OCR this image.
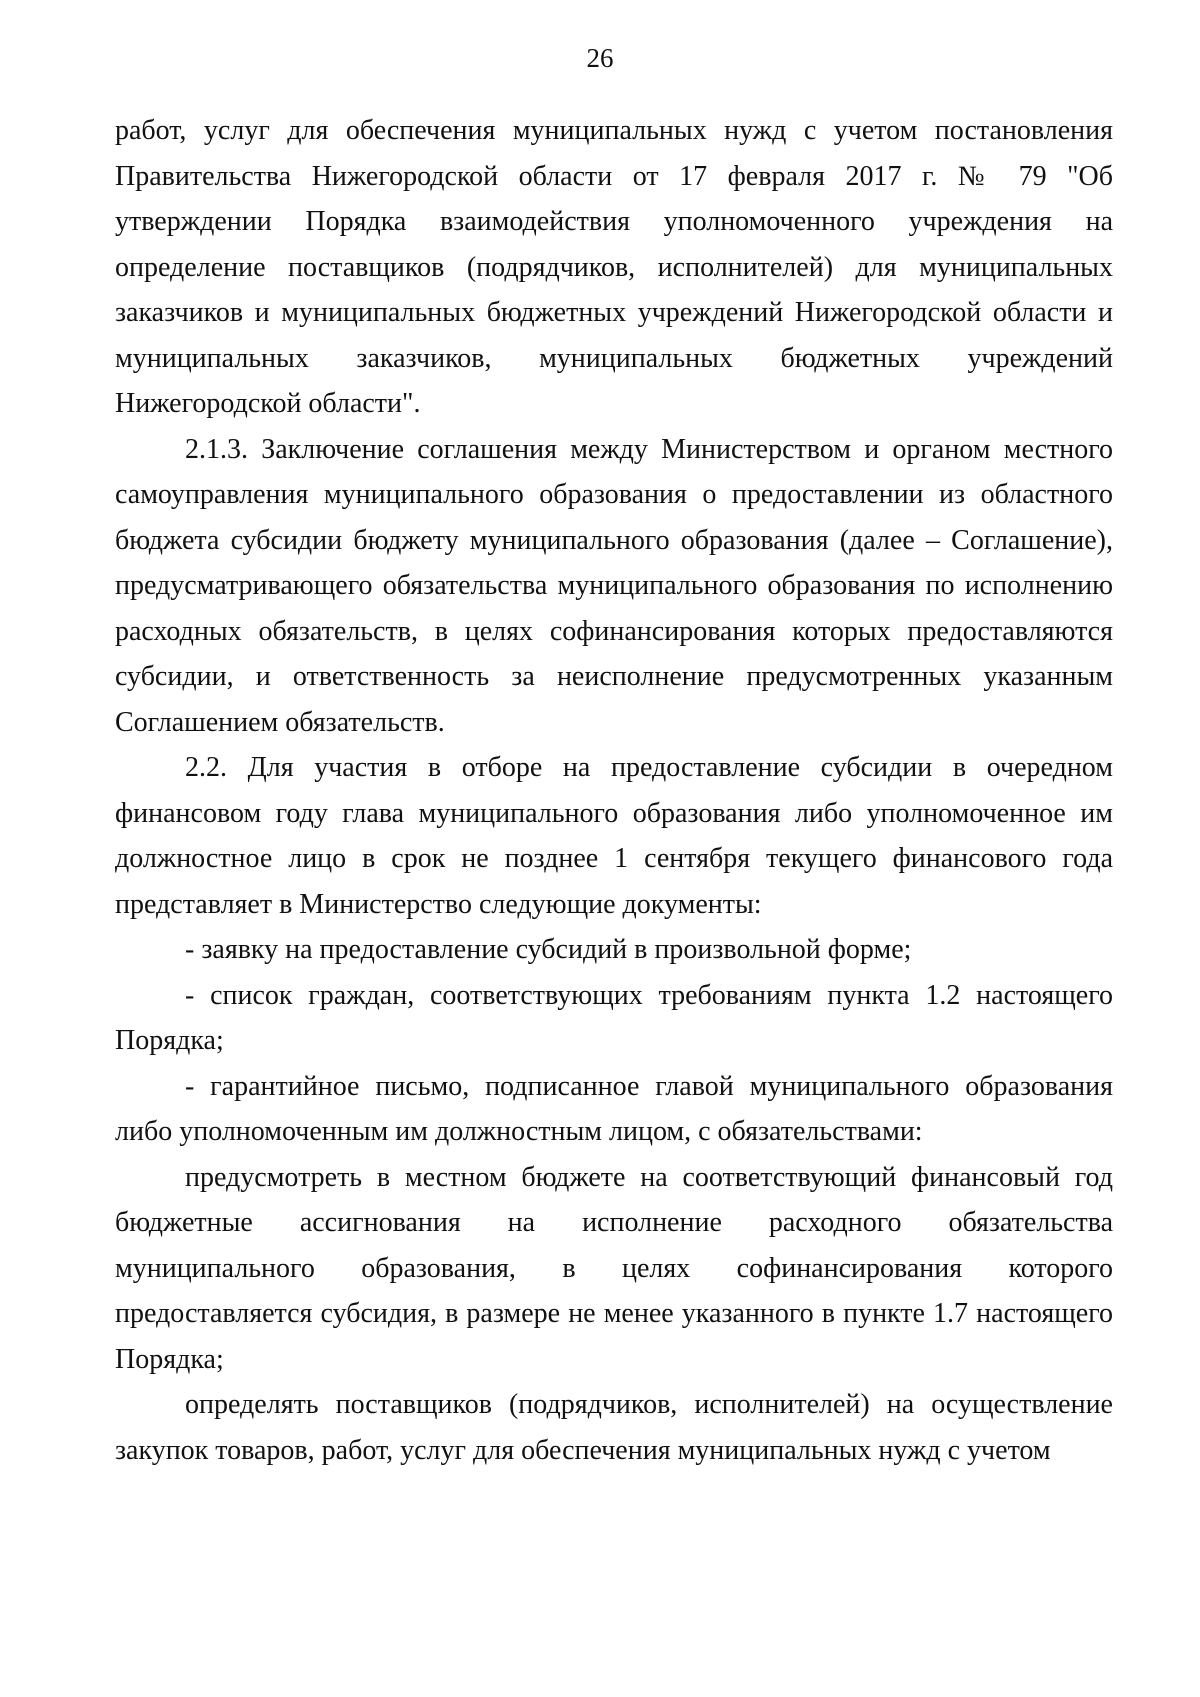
26

работ, услуг для обеспечения муниципальных нужд с учетом постановления Правительства Нижегородской области от 17 февраля 2017 г. № 79 "Об утверждении Порядка взаимодействия уполномоченного учреждения на определение поставщиков (подрядчиков, исполнителей) для муниципальных заказчиков и муниципальных бюджетных учреждений Нижегородской области и муниципальных заказчиков, муниципальных бюджетных учреждений Нижегородской области".

2.1.3. Заключение соглашения между Министерством и органом местного самоуправления муниципального образования о предоставлении из областного бюджета субсидии бюджету муниципального образования (далее – Соглашение), предусматривающего обязательства муниципального образования по исполнению расходных обязательств, в целях софинансирования которых предоставляются субсидии, и ответственность за неисполнение предусмотренных указанным Соглашением обязательств.

2.2. Для участия в отборе на предоставление субсидии в очередном финансовом году глава муниципального образования либо уполномоченное им должностное лицо в срок не позднее 1 сентября текущего финансового года представляет в Министерство следующие документы:

- заявку на предоставление субсидий в произвольной форме;

- список граждан, соответствующих требованиям пункта 1.2 настоящего Порядка;

- гарантийное письмо, подписанное главой муниципального образования либо уполномоченным им должностным лицом, с обязательствами:

предусмотреть в местном бюджете на соответствующий финансовый год бюджетные ассигнования на исполнение расходного обязательства муниципального образования, в целях софинансирования которого предоставляется субсидия, в размере не менее указанного в пункте 1.7 настоящего Порядка;

определять поставщиков (подрядчиков, исполнителей) на осуществление закупок товаров, работ, услуг для обеспечения муниципальных нужд с учетом
